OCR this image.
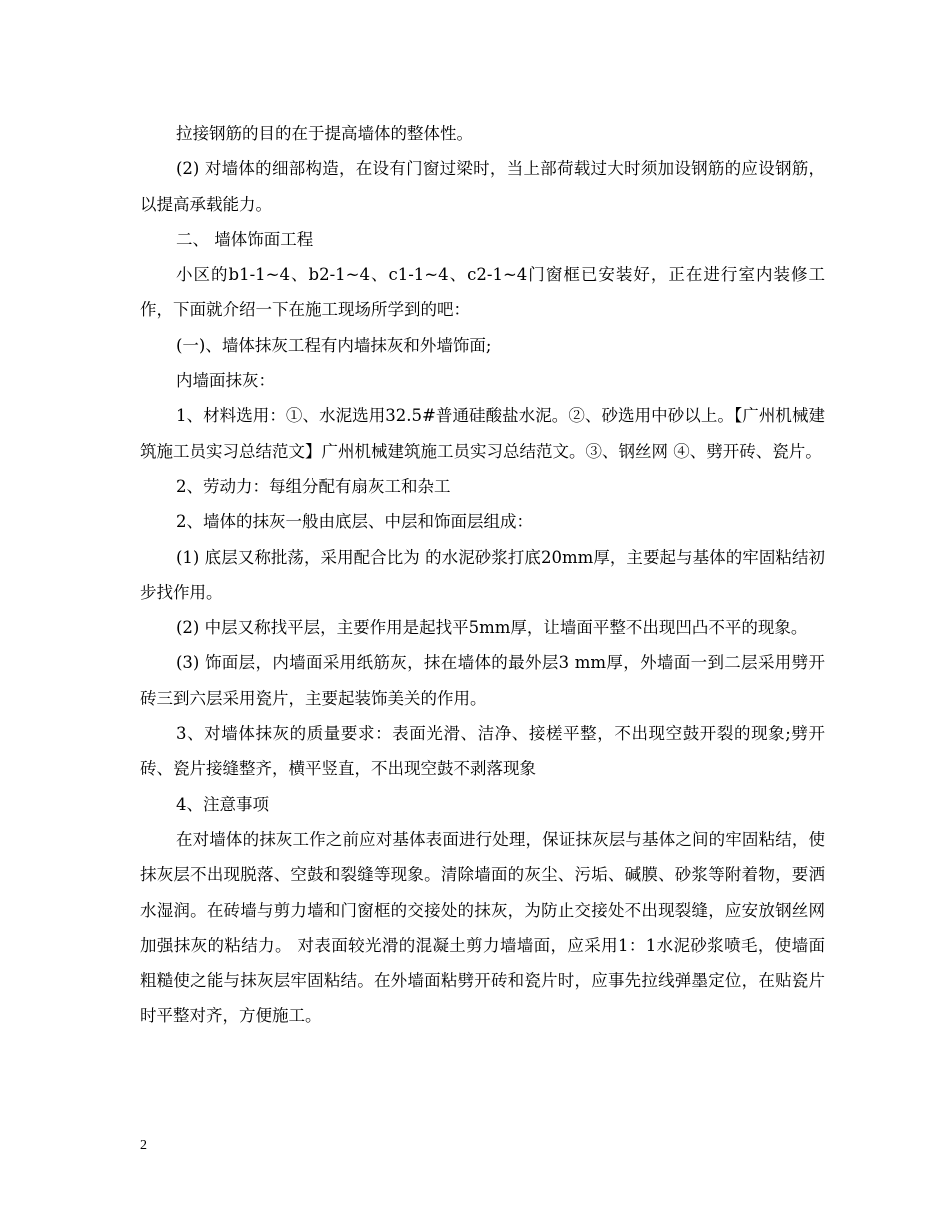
拉接钢筋的目的在于提高墙体的整体性。

(2) 对墙体的细部构造，在设有门窗过梁时，当上部荷载过大时须加设钢筋的应设钢筋，以提高承载能力。

二、 墙体饰面工程

小区的b1-1~4、b2-1~4、c1-1~4、c2-1~4门窗框已安装好，正在进行室内装修工作，下面就介绍一下在施工现场所学到的吧：

(一)、墙体抹灰工程有内墙抹灰和外墙饰面;

内墙面抹灰：

1、材料选用：①、水泥选用32.5#普通硅酸盐水泥。②、砂选用中砂以上。【广州机械建筑施工员实习总结范文】广州机械建筑施工员实习总结范文。③、钢丝网 ④、劈开砖、瓷片。

2、劳动力：每组分配有扇灰工和杂工

2、墙体的抹灰一般由底层、中层和饰面层组成：

(1) 底层又称批荡，采用配合比为 的水泥砂浆打底20mm厚，主要起与基体的牢固粘结初步找作用。

(2) 中层又称找平层，主要作用是起找平5mm厚，让墙面平整不出现凹凸不平的现象。

(3) 饰面层，内墙面采用纸筋灰，抹在墙体的最外层3 mm厚，外墙面一到二层采用劈开砖三到六层采用瓷片，主要起装饰美关的作用。

3、对墙体抹灰的质量要求：表面光滑、洁净、接槎平整，不出现空鼓开裂的现象;劈开砖、瓷片接缝整齐，横平竖直，不出现空鼓不剥落现象

4、注意事项

在对墙体的抹灰工作之前应对基体表面进行处理，保证抹灰层与基体之间的牢固粘结，使抹灰层不出现脱落、空鼓和裂缝等现象。清除墙面的灰尘、污垢、碱膜、砂浆等附着物，要洒水湿润。在砖墙与剪力墙和门窗框的交接处的抹灰，为防止交接处不出现裂缝，应安放钢丝网加强抹灰的粘结力。 对表面较光滑的混凝土剪力墙墙面，应采用1：1水泥砂浆喷毛，使墙面粗糙使之能与抹灰层牢固粘结。在外墙面粘劈开砖和瓷片时，应事先拉线弹墨定位，在贴瓷片时平整对齐，方便施工。

2
